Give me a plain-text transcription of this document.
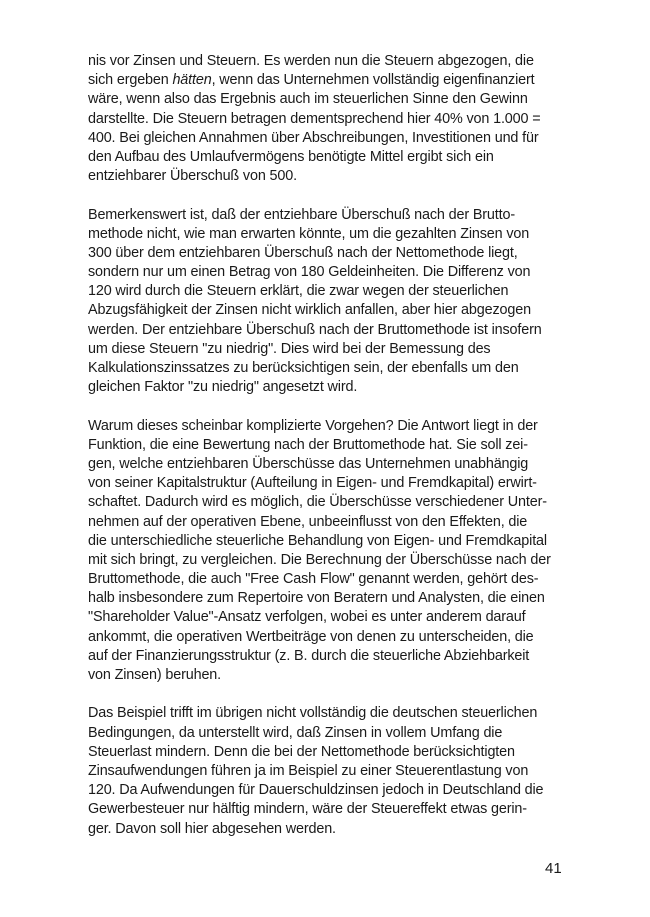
nis vor Zinsen und Steuern. Es werden nun die Steuern abgezogen, die
sich ergeben hätten, wenn das Unternehmen vollständig eigenfinanziert
wäre, wenn also das Ergebnis auch im steuerlichen Sinne den Gewinn
darstellte. Die Steuern betragen dementsprechend hier 40% von 1.000 =
400. Bei gleichen Annahmen über Abschreibungen, Investitionen und für
den Aufbau des Umlaufvermögens benötigte Mittel ergibt sich ein
entziehbarer Überschuß von 500.
Bemerkenswert ist, daß der entziehbare Überschuß nach der Brutto-
methode nicht, wie man erwarten könnte, um die gezahlten Zinsen von
300 über dem entziehbaren Überschuß nach der Nettomethode liegt,
sondern nur um einen Betrag von 180 Geldeinheiten. Die Differenz von
120 wird durch die Steuern erklärt, die zwar wegen der steuerlichen
Abzugsfähigkeit der Zinsen nicht wirklich anfallen, aber hier abgezogen
werden. Der entziehbare Überschuß nach der Bruttomethode ist insofern
um diese Steuern "zu niedrig". Dies wird bei der Bemessung des
Kalkulationszinssatzes zu berücksichtigen sein, der ebenfalls um den
gleichen Faktor "zu niedrig" angesetzt wird.
Warum dieses scheinbar komplizierte Vorgehen? Die Antwort liegt in der
Funktion, die eine Bewertung nach der Bruttomethode hat. Sie soll zei-
gen, welche entziehbaren Überschüsse das Unternehmen unabhängig
von seiner Kapitalstruktur (Aufteilung in Eigen- und Fremdkapital) erwirt-
schaftet. Dadurch wird es möglich, die Überschüsse verschiedener Unter-
nehmen auf der operativen Ebene, unbeeinflusst von den Effekten, die
die unterschiedliche steuerliche Behandlung von Eigen- und Fremdkapital
mit sich bringt, zu vergleichen. Die Berechnung der Überschüsse nach der
Bruttomethode, die auch "Free Cash Flow" genannt werden, gehört des-
halb insbesondere zum Repertoire von Beratern und Analysten, die einen
"Shareholder Value"-Ansatz verfolgen, wobei es unter anderem darauf
ankommt, die operativen Wertbeiträge von denen zu unterscheiden, die
auf der Finanzierungsstruktur (z. B. durch die steuerliche Abziehbarkeit
von Zinsen) beruhen.
Das Beispiel trifft im übrigen nicht vollständig die deutschen steuerlichen
Bedingungen, da unterstellt wird, daß Zinsen in vollem Umfang die
Steuerlast mindern. Denn die bei der Nettomethode berücksichtigten
Zinsaufwendungen führen ja im Beispiel zu einer Steuerentlastung von
120. Da Aufwendungen für Dauerschuldzinsen jedoch in Deutschland die
Gewerbesteuer nur hälftig mindern, wäre der Steuereffekt etwas gerin-
ger. Davon soll hier abgesehen werden.
41
